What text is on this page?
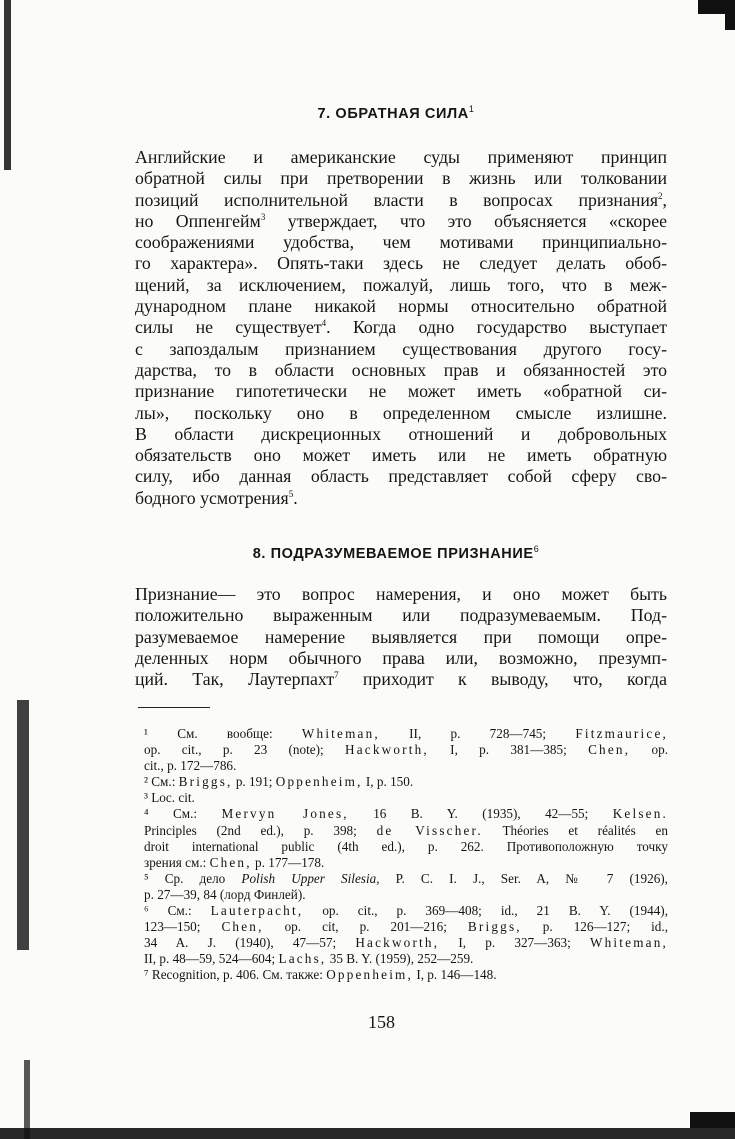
7. ОБРАТНАЯ СИЛА$^1$
Английские и американские суды применяют принцип
обратной силы при претворении в жизнь или толковании
позиций исполнительной власти в вопросах признания$^2$,
но Оппенгейм$^3$ утверждает, что это объясняется «скорее
соображениями удобства, чем мотивами принципиально-
го характера». Опять-таки здесь не следует делать обоб-
щений, за исключением, пожалуй, лишь того, что в меж-
дународном плане никакой нормы относительно обратной
силы не существует$^4$. Когда одно государство выступает
с запоздалым признанием существования другого госу-
дарства, то в области основных прав и обязанностей это
признание гипотетически не может иметь «обратной си-
лы», поскольку оно в определенном смысле излишне.
В области дискреционных отношений и добровольных
обязательств оно может иметь или не иметь обратную
силу, ибо данная область представляет собой сферу сво-
бодного усмотрения$^5$.
8. ПОДРАЗУМЕВАЕМОЕ ПРИЗНАНИЕ$^6$
Признание— это вопрос намерения, и оно может быть
положительно выраженным или подразумеваемым. Под-
разумеваемое намерение выявляется при помощи опре-
деленных норм обычного права или, возможно, презумп-
ций. Так, Лаутерпахт$^7$ приходит к выводу, что, когда

¹ См. вообще: Whiteman, II, p. 728—745; Fitzmaurice,
op. cit., p. 23 (note); Hackworth, I, p. 381—385; Chen, op.
cit., p. 172—786.

² См.: Briggs, p. 191; Oppenheim, I, p. 150.

³ Loc. cit.

⁴ См.: Mervyn Jones, 16 B. Y. (1935), 42—55; Kelsen.
Principles (2nd ed.), p. 398; de Visscher. Théories et réalités en
droit international public (4th ed.), p. 262. Противоположную точку
зрения см.: Chen, p. 177—178.

⁵ Ср. дело Polish Upper Silesia, P. C. I. J., Ser. A, № 7 (1926),
p. 27—39, 84 (лорд Финлей).

⁶ См.: Lauterpacht, op. cit., p. 369—408; id., 21 B. Y. (1944),
123—150; Chen, op. cit, p. 201—216; Briggs, p. 126—127; id.,
34 A. J. (1940), 47—57; Hackworth, I, p. 327—363; Whiteman,
II, p. 48—59, 524—604; Lachs, 35 B. Y. (1959), 252—259.

⁷ Recognition, p. 406. См. также: Oppenheim, I, p. 146—148.

158
